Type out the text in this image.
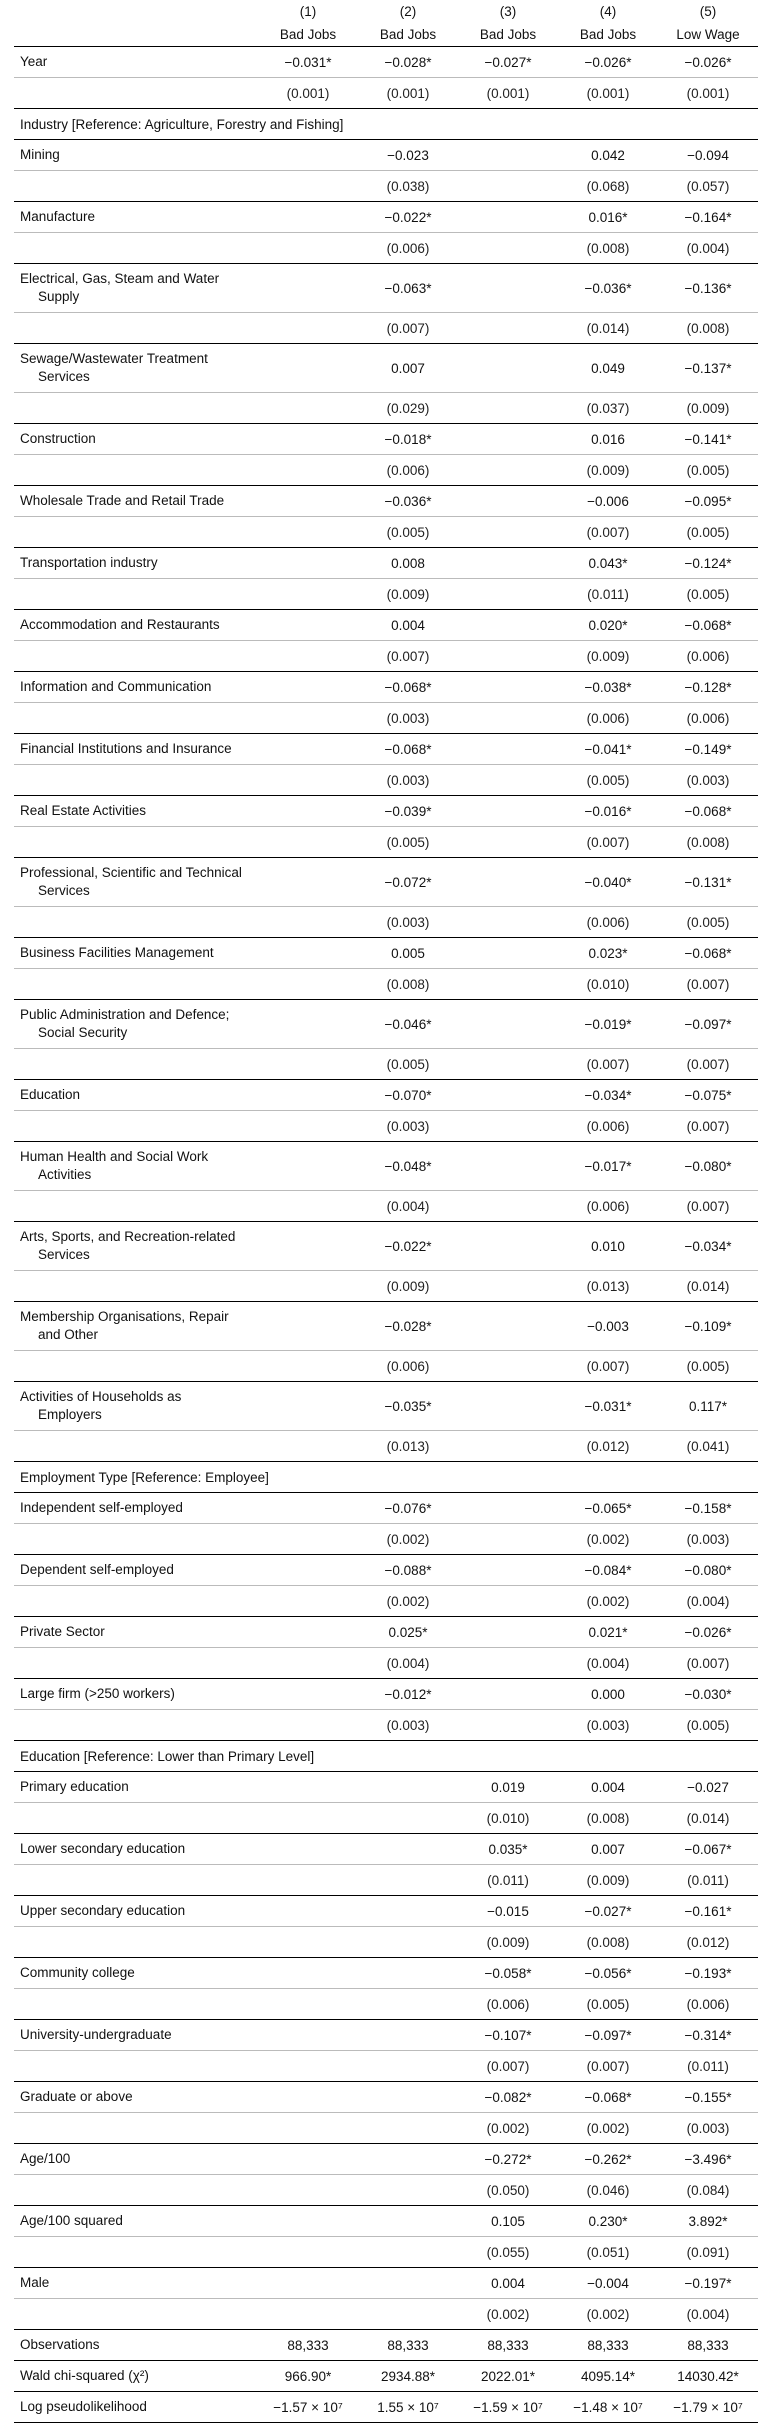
	(1)	(2)	(3)	(4)	(5)
	Bad Jobs	Bad Jobs	Bad Jobs	Bad Jobs	Low Wage
Year	−0.031*	−0.028*	−0.027*	−0.026*	−0.026*
	(0.001)	(0.001)	(0.001)	(0.001)	(0.001)
Industry [Reference: Agriculture, Forestry and Fishing]					
Mining		−0.023		0.042	−0.094
		(0.038)		(0.068)	(0.057)
Manufacture		−0.022*		0.016*	−0.164*
		(0.006)		(0.008)	(0.004)
Electrical, Gas, Steam and Water
Supply		−0.063*		−0.036*	−0.136*
		(0.007)		(0.014)	(0.008)
Sewage/Wastewater Treatment
Services		0.007		0.049	−0.137*
		(0.029)		(0.037)	(0.009)
Construction		−0.018*		0.016	−0.141*
		(0.006)		(0.009)	(0.005)
Wholesale Trade and Retail Trade		−0.036*		−0.006	−0.095*
		(0.005)		(0.007)	(0.005)
Transportation industry		0.008		0.043*	−0.124*
		(0.009)		(0.011)	(0.005)
Accommodation and Restaurants		0.004		0.020*	−0.068*
		(0.007)		(0.009)	(0.006)
Information and Communication		−0.068*		−0.038*	−0.128*
		(0.003)		(0.006)	(0.006)
Financial Institutions and Insurance		−0.068*		−0.041*	−0.149*
		(0.003)		(0.005)	(0.003)
Real Estate Activities		−0.039*		−0.016*	−0.068*
		(0.005)		(0.007)	(0.008)
Professional, Scientific and Technical
Services		−0.072*		−0.040*	−0.131*
		(0.003)		(0.006)	(0.005)
Business Facilities Management		0.005		0.023*	−0.068*
		(0.008)		(0.010)	(0.007)
Public Administration and Defence;
Social Security		−0.046*		−0.019*	−0.097*
		(0.005)		(0.007)	(0.007)
Education		−0.070*		−0.034*	−0.075*
		(0.003)		(0.006)	(0.007)
Human Health and Social Work
Activities		−0.048*		−0.017*	−0.080*
		(0.004)		(0.006)	(0.007)
Arts, Sports, and Recreation-related
Services		−0.022*		0.010	−0.034*
		(0.009)		(0.013)	(0.014)
Membership Organisations, Repair
and Other		−0.028*		−0.003	−0.109*
		(0.006)		(0.007)	(0.005)
Activities of Households as
Employers		−0.035*		−0.031*	0.117*
		(0.013)		(0.012)	(0.041)
Employment Type [Reference: Employee]					
Independent self-employed		−0.076*		−0.065*	−0.158*
		(0.002)		(0.002)	(0.003)
Dependent self-employed		−0.088*		−0.084*	−0.080*
		(0.002)		(0.002)	(0.004)
Private Sector		0.025*		0.021*	−0.026*
		(0.004)		(0.004)	(0.007)
Large firm (>250 workers)		−0.012*		0.000	−0.030*
		(0.003)		(0.003)	(0.005)
Education [Reference: Lower than Primary Level]					
Primary education			0.019	0.004	−0.027
			(0.010)	(0.008)	(0.014)
Lower secondary education			0.035*	0.007	−0.067*
			(0.011)	(0.009)	(0.011)
Upper secondary education			−0.015	−0.027*	−0.161*
			(0.009)	(0.008)	(0.012)
Community college			−0.058*	−0.056*	−0.193*
			(0.006)	(0.005)	(0.006)
University-undergraduate			−0.107*	−0.097*	−0.314*
			(0.007)	(0.007)	(0.011)
Graduate or above			−0.082*	−0.068*	−0.155*
			(0.002)	(0.002)	(0.003)
Age/100			−0.272*	−0.262*	−3.496*
			(0.050)	(0.046)	(0.084)
Age/100 squared			0.105	0.230*	3.892*
			(0.055)	(0.051)	(0.091)
Male			0.004	−0.004	−0.197*
			(0.002)	(0.002)	(0.004)
Observations	88,333	88,333	88,333	88,333	88,333
Wald chi-squared (χ²)	966.90*	2934.88*	2022.01*	4095.14*	14030.42*
Log pseudolikelihood	−1.57 × 10⁷	1.55 × 10⁷	−1.59 × 10⁷	−1.48 × 10⁷	−1.79 × 10⁷
